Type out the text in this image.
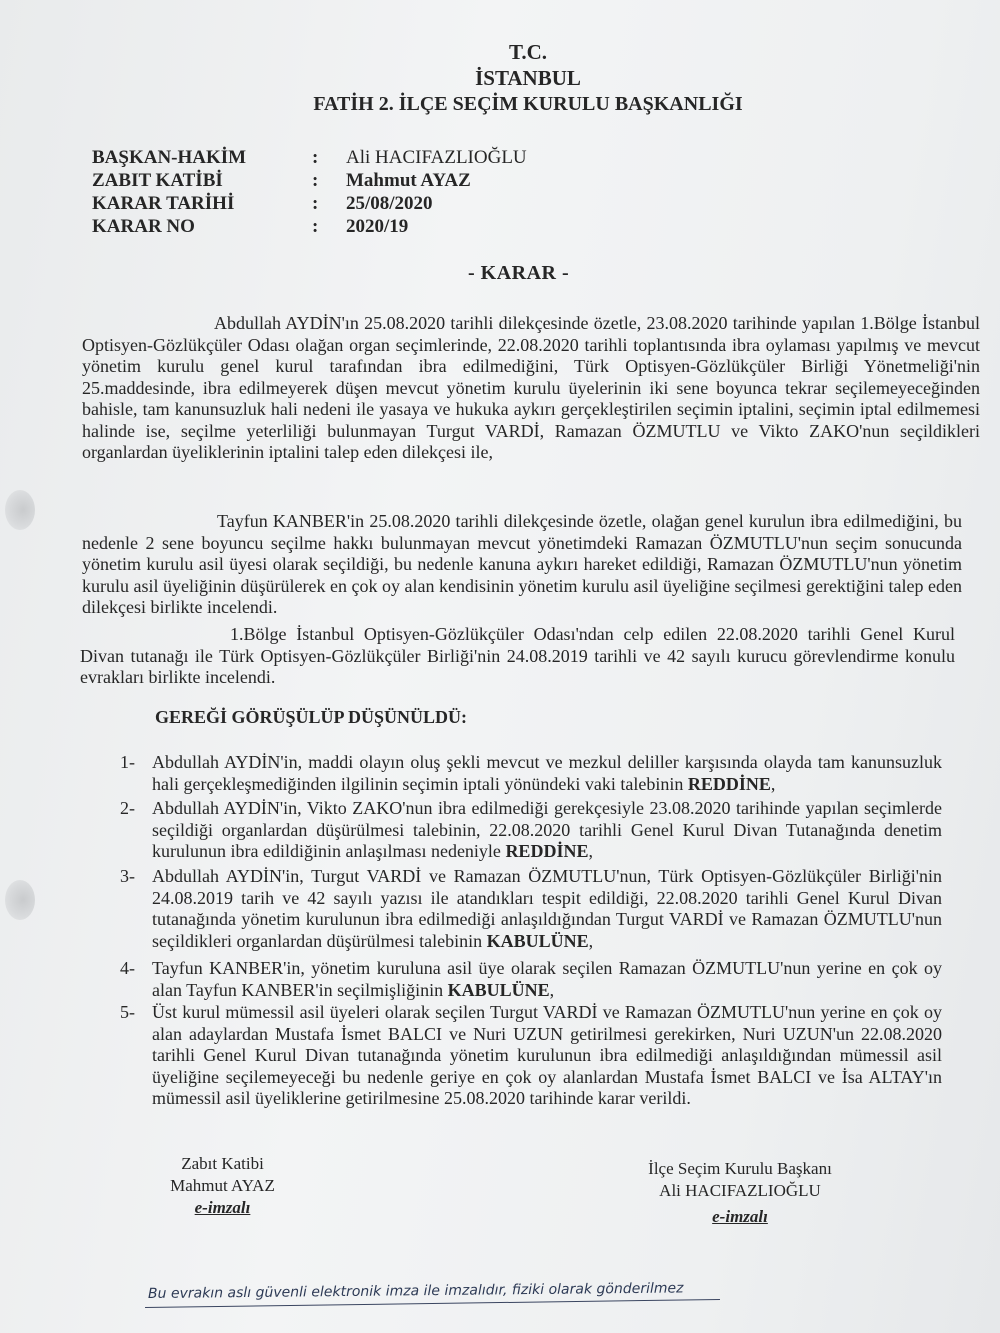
T.C.
İSTANBUL
FATİH 2. İLÇE SEÇİM KURULU BAŞKANLIĞI
BAŞKAN-HAKİM	:	Ali HACIFAZLIOĞLU
ZABIT KATİBİ	:	Mahmut AYAZ
KARAR TARİHİ	:	25/08/2020
KARAR NO	:	2020/19
- KARAR -
Abdullah AYDİN'ın 25.08.2020 tarihli dilekçesinde özetle, 23.08.2020 tarihinde yapılan 1.Bölge İstanbul Optisyen-Gözlükçüler Odası olağan organ seçimlerinde, 22.08.2020 tarihli toplantısında ibra oylaması yapılmış ve mevcut yönetim kurulu genel kurul tarafından ibra edilmediğini, Türk Optisyen-Gözlükçüler Birliği Yönetmeliği'nin 25.maddesinde, ibra edilmeyerek düşen mevcut yönetim kurulu üyelerinin iki sene boyunca tekrar seçilemeyeceğinden bahisle, tam kanunsuzluk hali nedeni ile yasaya ve hukuka aykırı gerçekleştirilen seçimin iptalini, seçimin iptal edilmemesi halinde ise, seçilme yeterliliği bulunmayan Turgut VARDİ, Ramazan ÖZMUTLU ve Vikto ZAKO'nun seçildikleri organlardan üyeliklerinin iptalini talep eden dilekçesi ile,
Tayfun KANBER'in 25.08.2020 tarihli dilekçesinde özetle, olağan genel kurulun ibra edilmediğini, bu nedenle 2 sene boyuncu seçilme hakkı bulunmayan mevcut yönetimdeki Ramazan ÖZMUTLU'nun seçim sonucunda yönetim kurulu asil üyesi olarak seçildiği, bu nedenle kanuna aykırı hareket edildiği, Ramazan ÖZMUTLU'nun yönetim kurulu asil üyeliğinin düşürülerek en çok oy alan kendisinin yönetim kurulu asil üyeliğine seçilmesi gerektiğini talep eden dilekçesi birlikte incelendi.
1.Bölge İstanbul Optisyen-Gözlükçüler Odası'ndan celp edilen 22.08.2020 tarihli Genel Kurul Divan tutanağı ile Türk Optisyen-Gözlükçüler Birliği'nin 24.08.2019 tarihli ve 42 sayılı kurucu görevlendirme konulu evrakları birlikte incelendi.
GEREĞİ GÖRÜŞÜLÜP DÜŞÜNÜLDÜ:
1- Abdullah AYDİN'in, maddi olayın oluş şekli mevcut ve mezkul deliller karşısında olayda tam kanunsuzluk hali gerçekleşmediğinden ilgilinin seçimin iptali yönündeki vaki talebinin REDDİNE,
2- Abdullah AYDİN'in, Vikto ZAKO'nun ibra edilmediği gerekçesiyle 23.08.2020 tarihinde yapılan seçimlerde seçildiği organlardan düşürülmesi talebinin, 22.08.2020 tarihli Genel Kurul Divan Tutanağında denetim kurulunun ibra edildiğinin anlaşılması nedeniyle REDDİNE,
3- Abdullah AYDİN'in, Turgut VARDİ ve Ramazan ÖZMUTLU'nun, Türk Optisyen-Gözlükçüler Birliği'nin 24.08.2019 tarih ve 42 sayılı yazısı ile atandıkları tespit edildiği, 22.08.2020 tarihli Genel Kurul Divan tutanağında yönetim kurulunun ibra edilmediği anlaşıldığından Turgut VARDİ ve Ramazan ÖZMUTLU'nun seçildikleri organlardan düşürülmesi talebinin KABULÜNE,
4- Tayfun KANBER'in, yönetim kuruluna asil üye olarak seçilen Ramazan ÖZMUTLU'nun yerine en çok oy alan Tayfun KANBER'in seçilmişliğinin KABULÜNE,
5- Üst kurul mümessil asil üyeleri olarak seçilen Turgut VARDİ ve Ramazan ÖZMUTLU'nun yerine en çok oy alan adaylardan Mustafa İsmet BALCI ve Nuri UZUN getirilmesi gerekirken, Nuri UZUN'un 22.08.2020 tarihli Genel Kurul Divan tutanağında yönetim kurulunun ibra edilmediği anlaşıldığından mümessil asil üyeliğine seçilemeyeceği bu nedenle geriye en çok oy alanlardan Mustafa İsmet BALCI ve İsa ALTAY'ın mümessil asil üyeliklerine getirilmesine 25.08.2020 tarihinde karar verildi.
Zabıt Katibi
Mahmut AYAZ
e-imzalı
İlçe Seçim Kurulu Başkanı
Ali HACIFAZLIOĞLU
e-imzalı
Bu evrakın aslı güvenli elektronik imza ile imzalıdır, fiziki olarak gönderilmez
